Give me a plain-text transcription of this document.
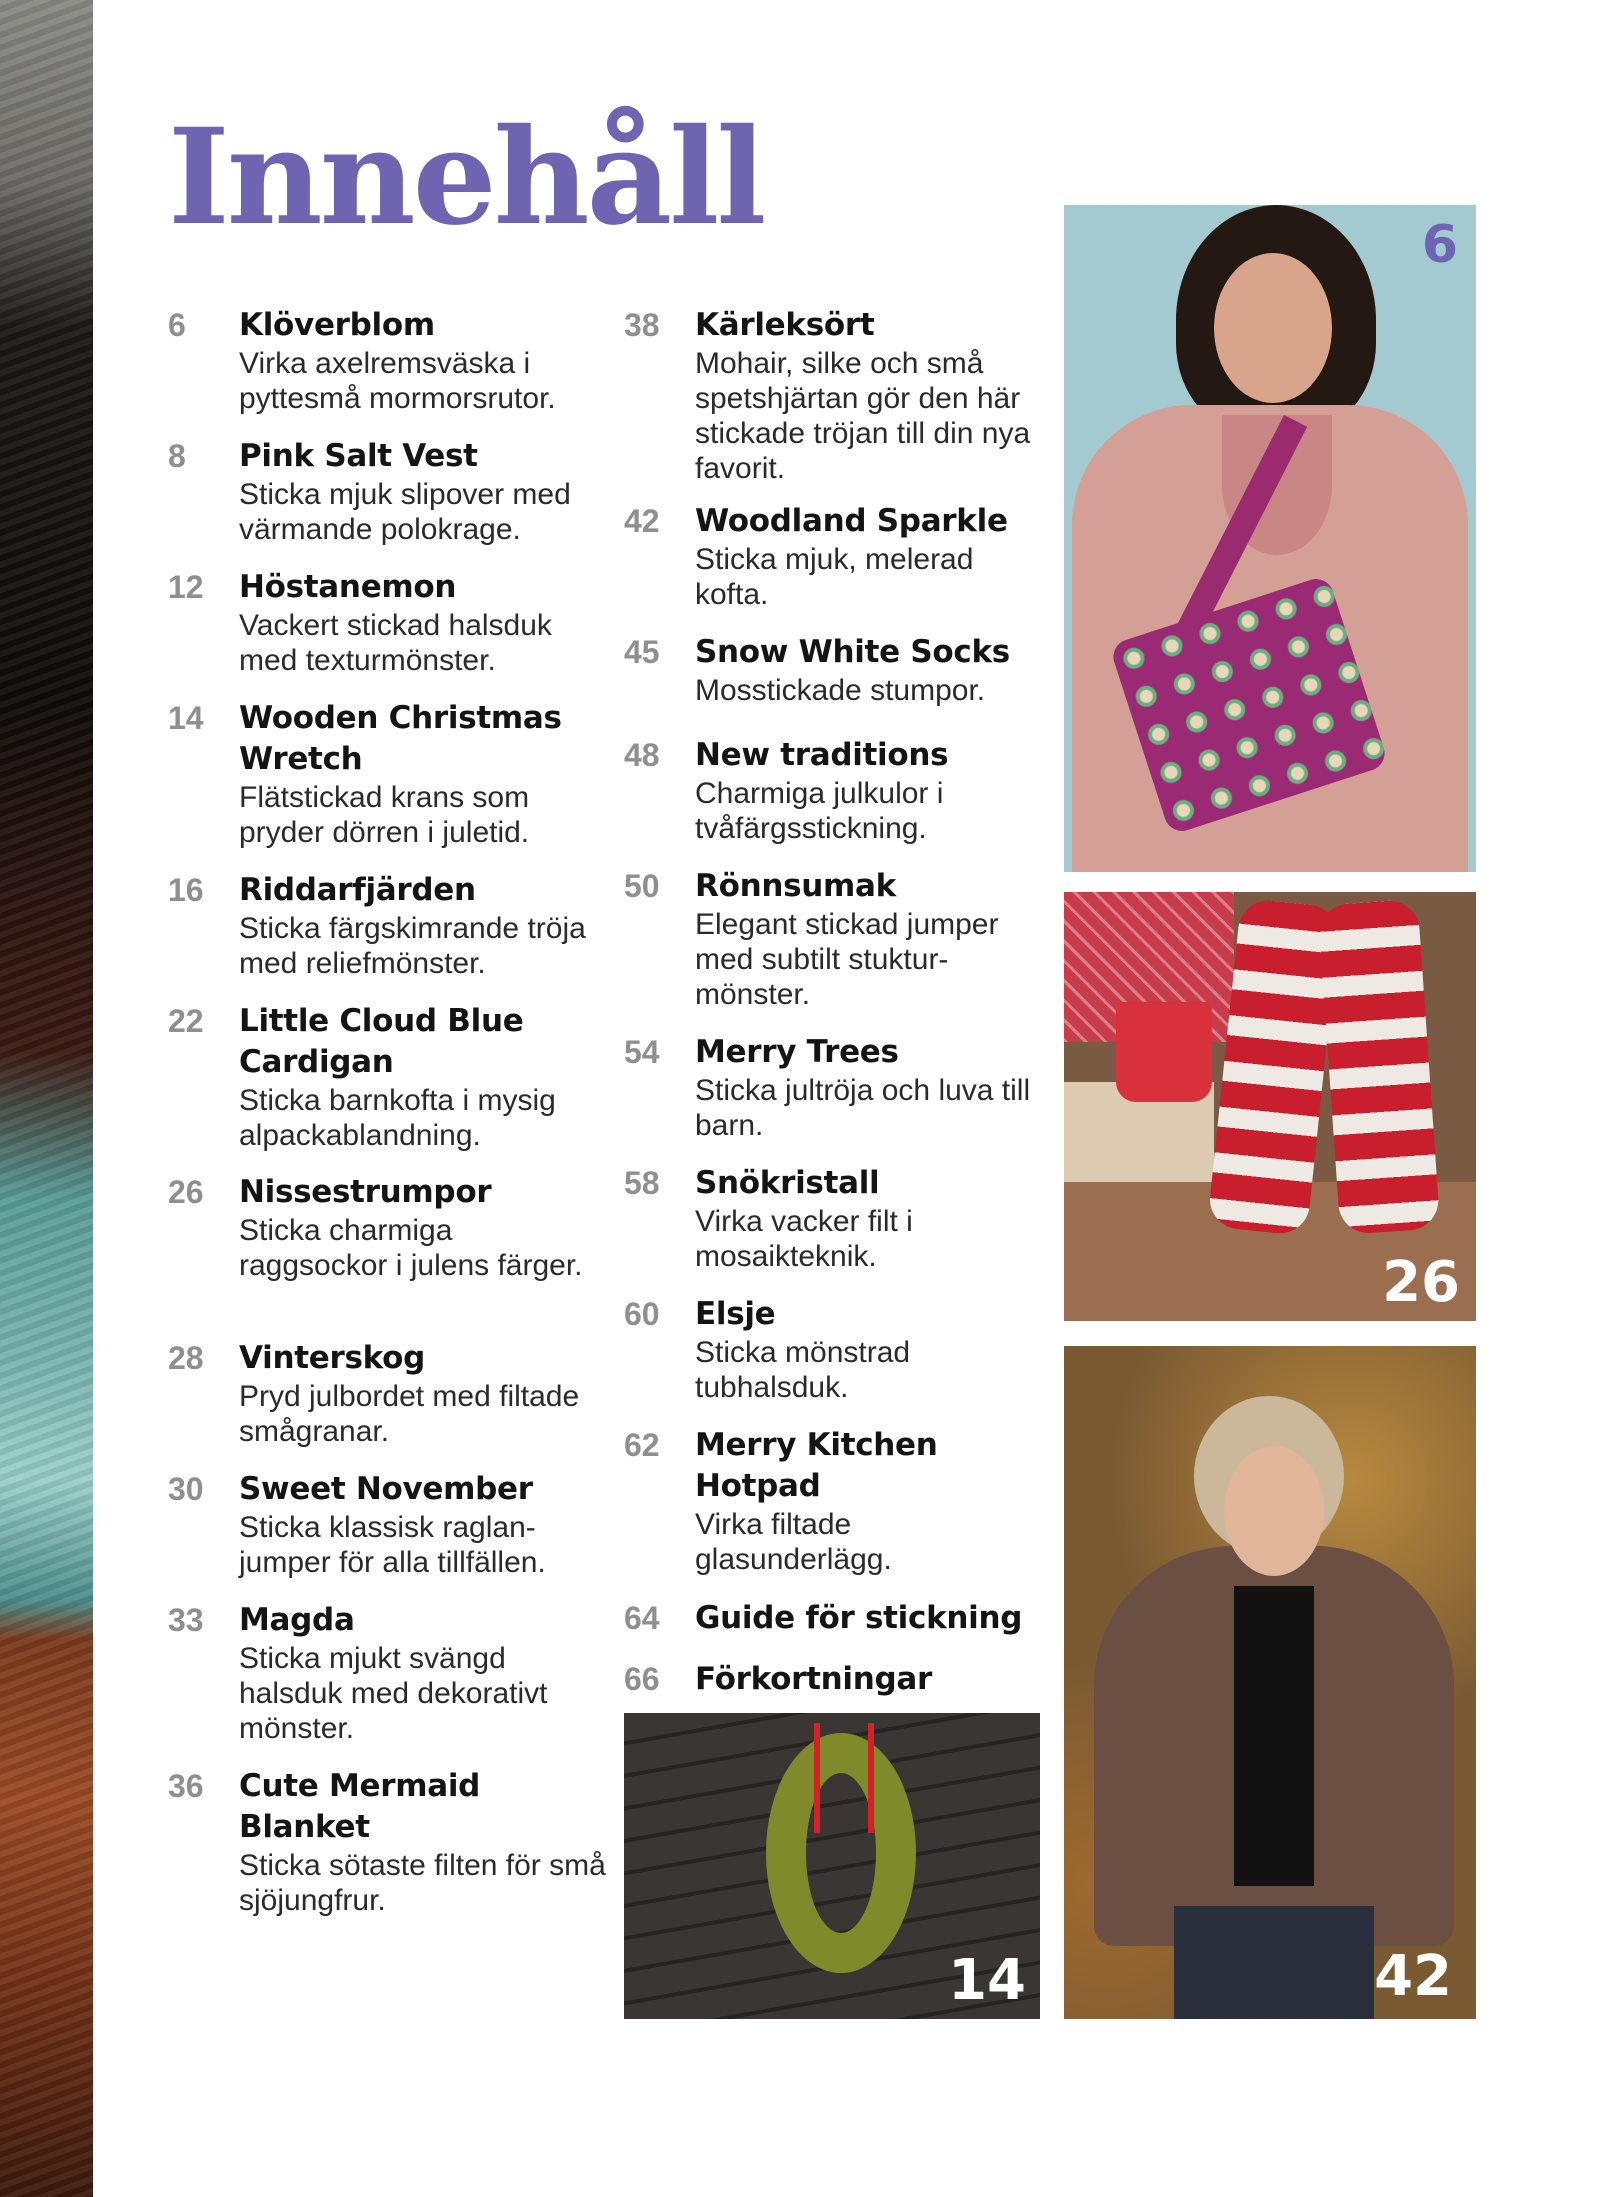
Innehåll
6	Klöverblom
Virka axelremsväska i pyttesmå mormorsrutor.
8	Pink Salt Vest
Sticka mjuk slipover med värmande polokrage.
12	Höstanemon
Vackert stickad halsduk med texturmönster.
14	Wooden Christmas Wretch
Flätstickad krans som pryder dörren i juletid.
16	Riddarfjärden
Sticka färgskimrande tröja med reliefmönster.
22	Little Cloud Blue Cardigan
Sticka barnkofta i mysig alpackablandning.
26	Nissestrumpor
Sticka charmiga raggsockor i julens färger.
28	Vinterskog
Pryd julbordet med filtade smågranar.
30	Sweet November
Sticka klassisk raglan-jumper för alla tillfällen.
33	Magda
Sticka mjukt svängd halsduk med dekorativt mönster.
36	Cute Mermaid Blanket
Sticka sötaste filten för små sjöjungfrur.
38	Kärleksört
Mohair, silke och små spetshjärtan gör den här stickade tröjan till din nya favorit.
42	Woodland Sparkle
Sticka mjuk, melerad kofta.
45	Snow White Socks
Mosstickade stumpor.
48	New traditions
Charmiga julkulor i tvåfärgsstickning.
50	Rönnsumak
Elegant stickad jumper med subtilt stuktur-mönster.
54	Merry Trees
Sticka jultröja och luva till barn.
58	Snökristall
Virka vacker filt i mosaikteknik.
60	Elsje
Sticka mönstrad tubhalsduk.
62	Merry Kitchen Hotpad
Virka filtade glasunderlägg.
64	Guide för stickning
66	Förkortningar
6
26
42
14
